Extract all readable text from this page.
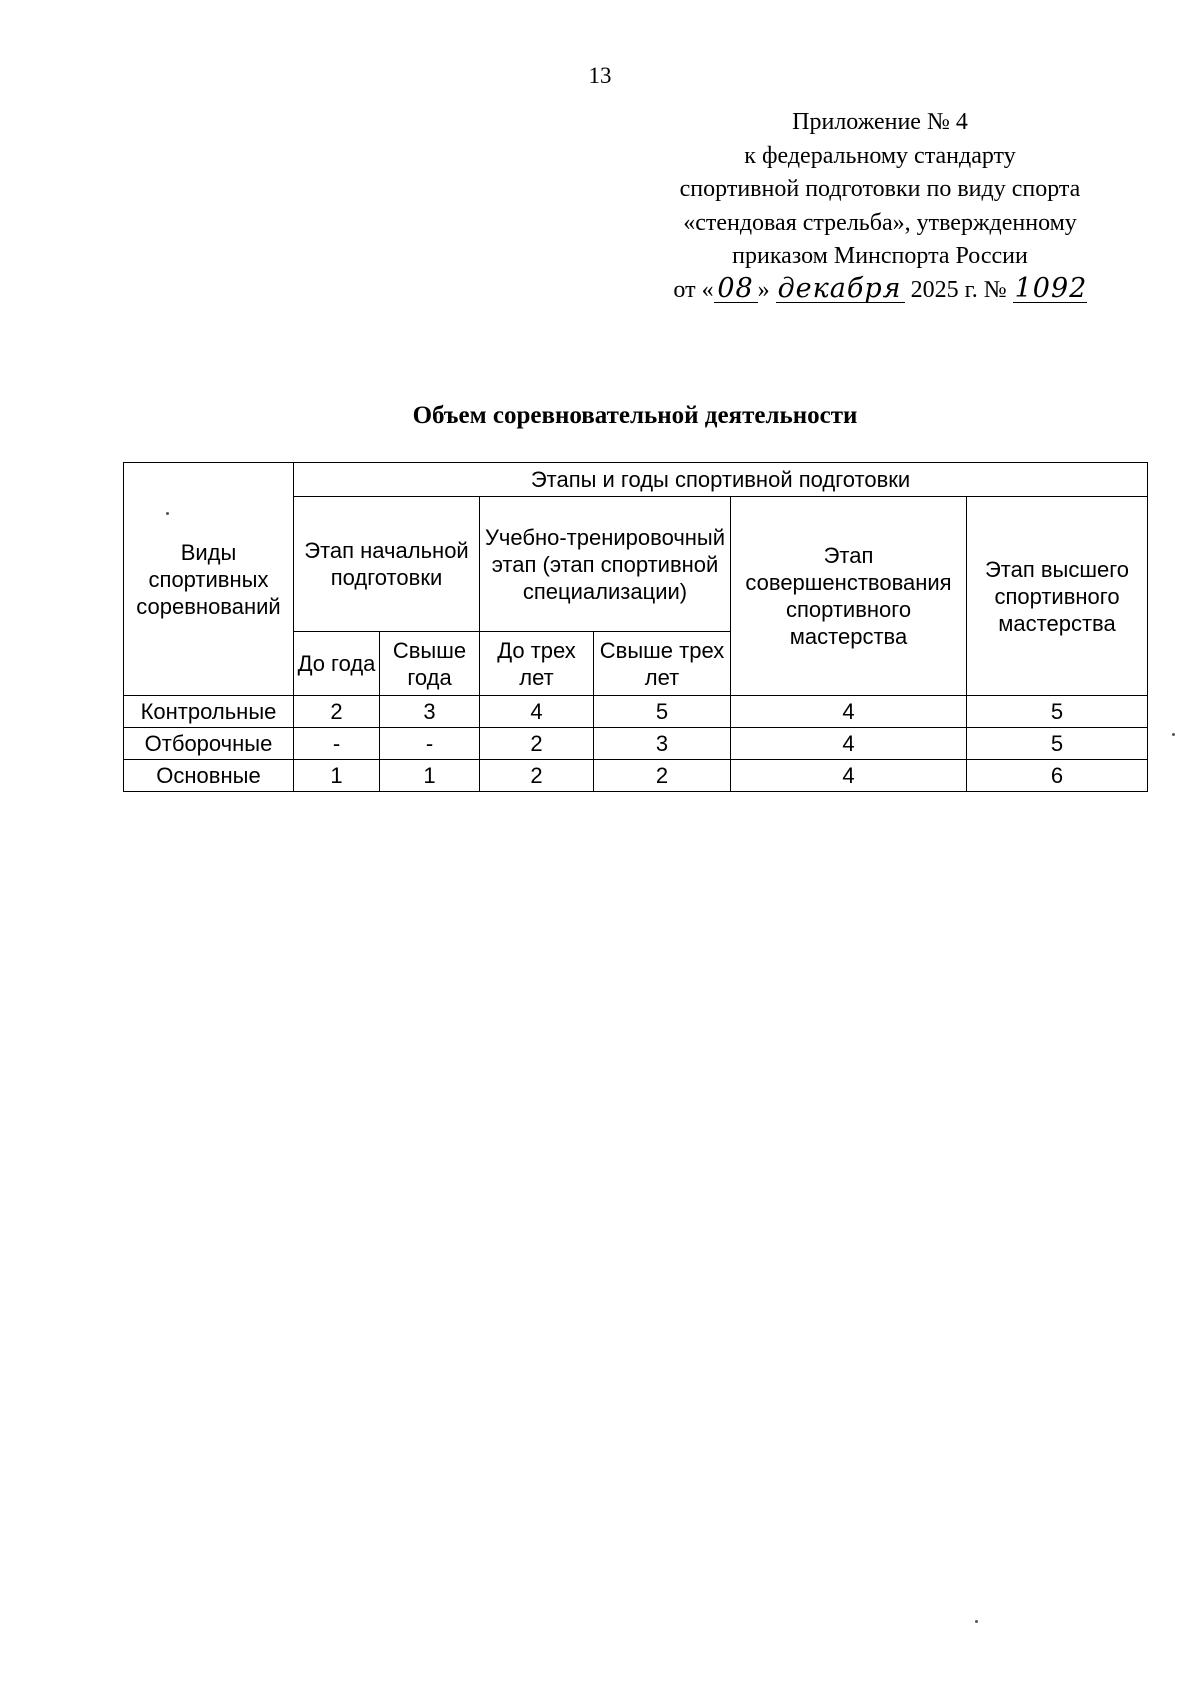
13
Приложение № 4
к федеральному стандарту
спортивной подготовки по виду спорта
«стендовая стрельба», утвержденному
приказом Минспорта России
от « 08 » декабря 2025 г. № 1092
Объем соревновательной деятельности
Виды спортивных соревнований	Этапы и годы спортивной подготовки					
	Этап начальной подготовки		Учебно-тренировочный этап (этап спортивной специализации)		Этап совершенствования спортивного мастерства	Этап высшего спортивного мастерства
	До года	Свыше года	До трех лет	Свыше трех лет		
Контрольные	2	3	4	5	4	5
Отборочные	-	-	2	3	4	5
Основные	1	1	2	2	4	6
